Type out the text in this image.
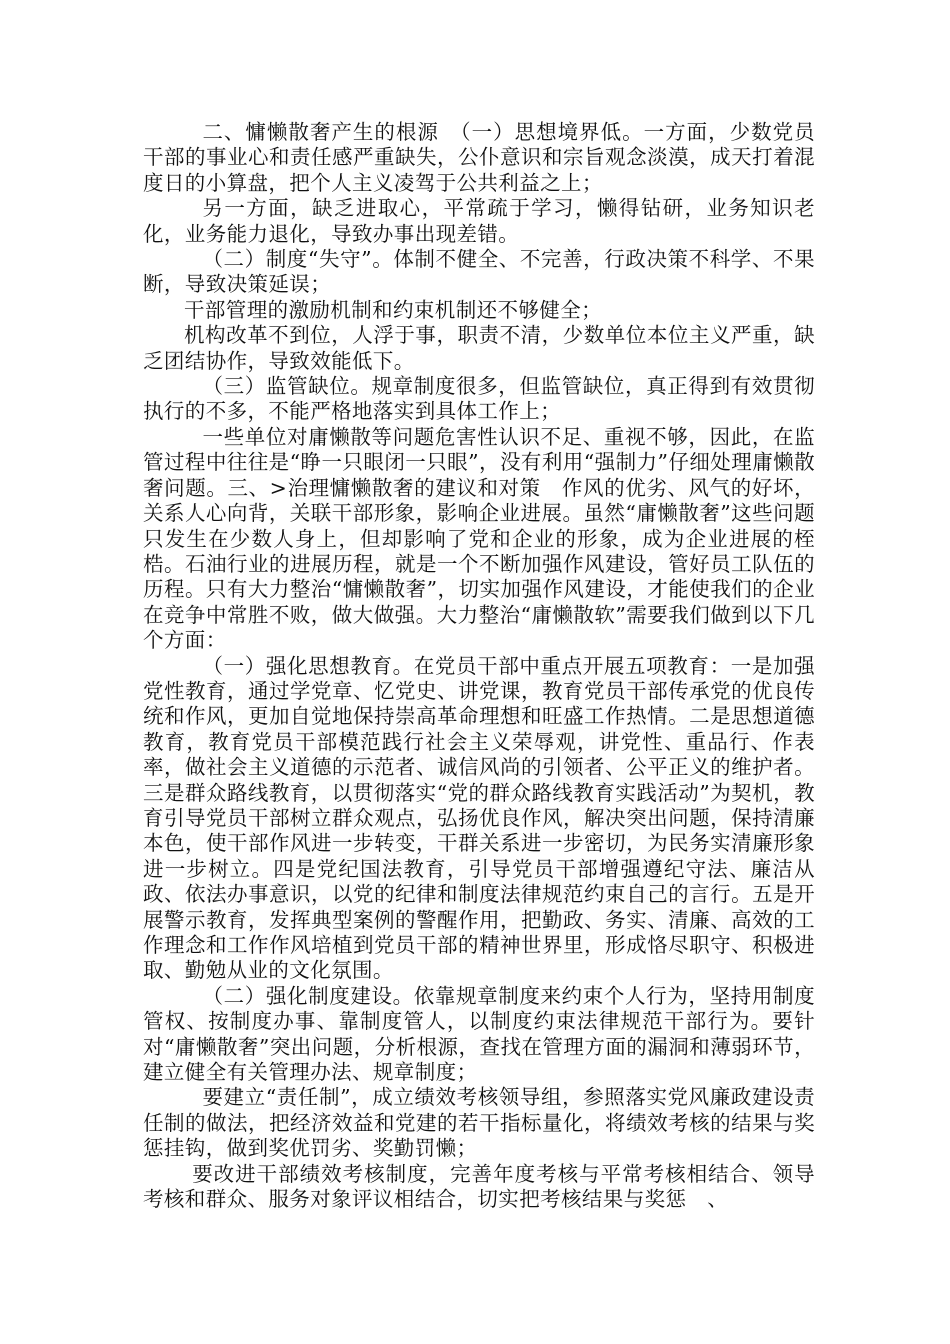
二、慵懒散奢产生的根源　（一）思想境界低。一方面，少数党员干部的事业心和责任感严重缺失，公仆意识和宗旨观念淡漠，成天打着混度日的小算盘，把个人主义凌驾于公共利益之上；

另一方面，缺乏进取心，平常疏于学习，懒得钻研，业务知识老化，业务能力退化，导致办事出现差错。

（二）制度“失守”。体制不健全、不完善，行政决策不科学、不果断，导致决策延误；

干部管理的激励机制和约束机制还不够健全；

机构改革不到位，人浮于事，职责不清，少数单位本位主义严重，缺乏团结协作，导致效能低下。

（三）监管缺位。规章制度很多，但监管缺位，真正得到有效贯彻执行的不多，不能严格地落实到具体工作上；

一些单位对庸懒散等问题危害性认识不足、重视不够，因此，在监管过程中往往是“睁一只眼闭一只眼”，没有利用“强制力”仔细处理庸懒散奢问题。三、>治理慵懒散奢的建议和对策　作风的优劣、风气的好坏，关系人心向背，关联干部形象，影响企业进展。虽然“庸懒散奢”这些问题只发生在少数人身上，但却影响了党和企业的形象，成为企业进展的桎梏。石油行业的进展历程，就是一个不断加强作风建设，管好员工队伍的历程。只有大力整治“慵懒散奢”，切实加强作风建设，才能使我们的企业在竞争中常胜不败，做大做强。大力整治“庸懒散软”需要我们做到以下几个方面：

（一）强化思想教育。在党员干部中重点开展五项教育：一是加强党性教育，通过学党章、忆党史、讲党课，教育党员干部传承党的优良传统和作风，更加自觉地保持崇高革命理想和旺盛工作热情。二是思想道德教育，教育党员干部模范践行社会主义荣辱观，讲党性、重品行、作表率，做社会主义道德的示范者、诚信风尚的引领者、公平正义的维护者。三是群众路线教育，以贯彻落实“党的群众路线教育实践活动”为契机，教育引导党员干部树立群众观点，弘扬优良作风，解决突出问题，保持清廉本色，使干部作风进一步转变，干群关系进一步密切，为民务实清廉形象进一步树立。四是党纪国法教育，引导党员干部增强遵纪守法、廉洁从政、依法办事意识，以党的纪律和制度法律规范约束自己的言行。五是开展警示教育，发挥典型案例的警醒作用，把勤政、务实、清廉、高效的工作理念和工作作风培植到党员干部的精神世界里，形成恪尽职守、积极进取、勤勉从业的文化氛围。

（二）强化制度建设。依靠规章制度来约束个人行为，坚持用制度管权、按制度办事、靠制度管人，以制度约束法律规范干部行为。要针对“庸懒散奢”突出问题，分析根源，查找在管理方面的漏洞和薄弱环节，建立健全有关管理办法、规章制度；

要建立“责任制”，成立绩效考核领导组，参照落实党风廉政建设责任制的做法，把经济效益和党建的若干指标量化，将绩效考核的结果与奖惩挂钩，做到奖优罚劣、奖勤罚懒；

要改进干部绩效考核制度，完善年度考核与平常考核相结合、领导考核和群众、服务对象评议相结合，切实把考核结果与奖惩　、
